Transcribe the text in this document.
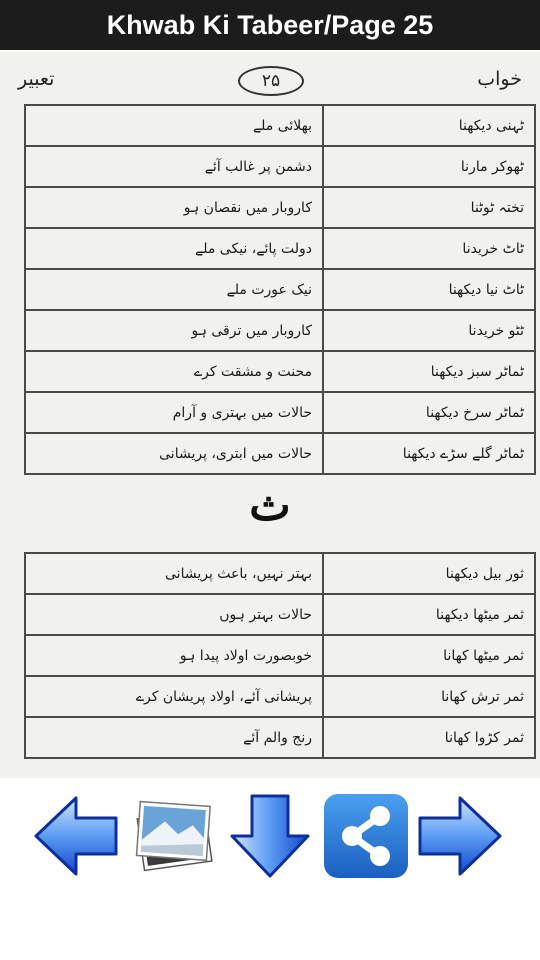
Khwab Ki Tabeer/Page 25
تعبیر	۲۵	خواب
بھلائی ملے	ٹہنی دیکھنا
دشمن پر غالب آئے	ٹھوکر مارنا
کاروبار میں نقصان ہو	تختہ ٹوٹنا
دولت پائے، نیکی ملے	ٹاٹ خریدنا
نیک عورت ملے	ٹاٹ نیا دیکھنا
کاروبار میں ترقی ہو	ٹٹو خریدنا
محنت و مشقت کرے	ٹماٹر سبز دیکھنا
حالات میں بہتری و آرام	ٹماٹر سرخ دیکھنا
حالات میں ابتری، پریشانی	ٹماٹر گلے سڑے دیکھنا
ث
بہتر نہیں، باعث پریشانی	ثور بیل دیکھنا
حالات بہتر ہوں	ثمر میٹھا دیکھنا
خوبصورت اولاد پیدا ہو	ثمر میٹھا کھانا
پریشانی آئے، اولاد پریشان کرے	ثمر ترش کھانا
رنج والم آئے	ثمر کڑوا کھانا
